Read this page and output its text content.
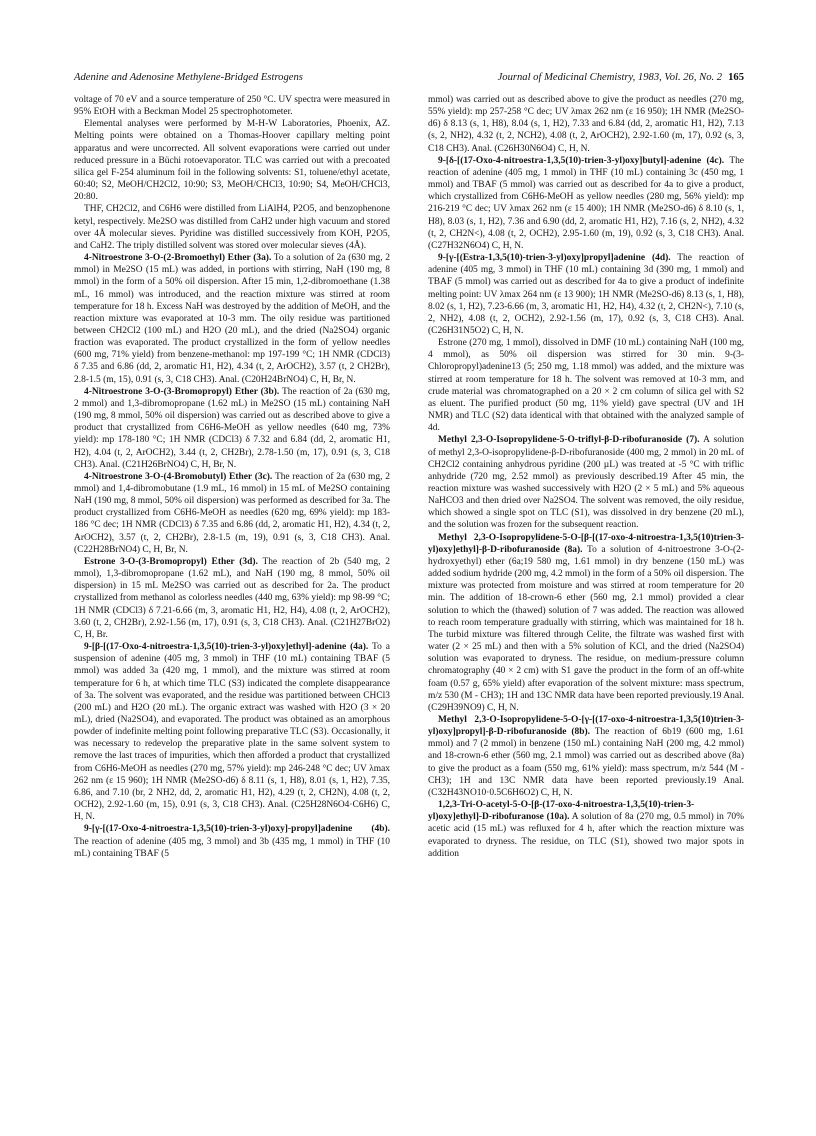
Adenine and Adenosine Methylene-Bridged Estrogens	Journal of Medicinal Chemistry, 1983, Vol. 26, No. 2 165

voltage of 70 eV and a source temperature of 250 °C. UV spectra were measured in 95% EtOH with a Beckman Model 25 spectrophotometer.

Elemental analyses were performed by M-H-W Laboratories, Phoenix, AZ. Melting points were obtained on a Thomas-Hoover capillary melting point apparatus and were uncorrected. All solvent evaporations were carried out under reduced pressure in a Büchi rotoevaporator. TLC was carried out with a precoated silica gel F-254 aluminum foil in the following solvents: S1, toluene/ethyl acetate, 60:40; S2, MeOH/CH2Cl2, 10:90; S3, MeOH/CHCl3, 10:90; S4, MeOH/CHCl3, 20:80.

THF, CH2Cl2, and C6H6 were distilled from LiAlH4, P2O5, and benzophenone ketyl, respectively. Me2SO was distilled from CaH2 under high vacuum and stored over 4Å molecular sieves. Pyridine was distilled successively from KOH, P2O5, and CaH2. The triply distilled solvent was stored over molecular sieves (4Å).

4-Nitroestrone 3-O-(2-Bromoethyl) Ether (3a). To a solution of 2a (630 mg, 2 mmol) in Me2SO (15 mL) was added, in portions with stirring, NaH (190 mg, 8 mmol) in the form of a 50% oil dispersion. After 15 min, 1,2-dibromoethane (1.38 mL, 16 mmol) was introduced, and the reaction mixture was stirred at room temperature for 18 h. Excess NaH was destroyed by the addition of MeOH, and the reaction mixture was evaporated at 10-3 mm. The oily residue was partitioned between CH2Cl2 (100 mL) and H2O (20 mL), and the dried (Na2SO4) organic fraction was evaporated. The product crystallized in the form of yellow needles (600 mg, 71% yield) from benzene-methanol: mp 197-199 °C; 1H NMR (CDCl3) δ 7.35 and 6.86 (dd, 2, aromatic H1, H2), 4.34 (t, 2, ArOCH2), 3.57 (t, 2 CH2Br), 2.8-1.5 (m, 15), 0.91 (s, 3, C18 CH3). Anal. (C20H24BrNO4) C, H, Br, N.

4-Nitroestrone 3-O-(3-Bromopropyl) Ether (3b). The reaction of 2a (630 mg, 2 mmol) and 1,3-dibromopropane (1.62 mL) in Me2SO (15 mL) containing NaH (190 mg, 8 mmol, 50% oil dispersion) was carried out as described above to give a product that crystallized from C6H6-MeOH as yellow needles (640 mg, 73% yield): mp 178-180 °C; 1H NMR (CDCl3) δ 7.32 and 6.84 (dd, 2, aromatic H1, H2), 4.04 (t, 2, ArOCH2), 3.44 (t, 2, CH2Br), 2.78-1.50 (m, 17), 0.91 (s, 3, C18 CH3). Anal. (C21H26BrNO4) C, H, Br, N.

4-Nitroestrone 3-O-(4-Bromobutyl) Ether (3c). The reaction of 2a (630 mg, 2 mmol) and 1,4-dibromobutane (1.9 mL, 16 mmol) in 15 mL of Me2SO containing NaH (190 mg, 8 mmol, 50% oil dispersion) was performed as described for 3a. The product crystallized from C6H6-MeOH as needles (620 mg, 69% yield): mp 183-186 °C dec; 1H NMR (CDCl3) δ 7.35 and 6.86 (dd, 2, aromatic H1, H2), 4.34 (t, 2, ArOCH2), 3.57 (t, 2, CH2Br), 2.8-1.5 (m, 19), 0.91 (s, 3, C18 CH3). Anal. (C22H28BrNO4) C, H, Br, N.

Estrone 3-O-(3-Bromopropyl) Ether (3d). The reaction of 2b (540 mg, 2 mmol), 1,3-dibromopropane (1.62 mL), and NaH (190 mg, 8 mmol, 50% oil dispersion) in 15 mL Me2SO was carried out as described for 2a. The product crystallized from methanol as colorless needles (440 mg, 63% yield): mp 98-99 °C; 1H NMR (CDCl3) δ 7.21-6.66 (m, 3, aromatic H1, H2, H4), 4.08 (t, 2, ArOCH2), 3.60 (t, 2, CH2Br), 2.92-1.56 (m, 17), 0.91 (s, 3, C18 CH3). Anal. (C21H27BrO2) C, H, Br.

9-[β-[(17-Oxo-4-nitroestra-1,3,5(10)-trien-3-yl)oxy]ethyl]-adenine (4a). To a suspension of adenine (405 mg, 3 mmol) in THF (10 mL) containing TBAF (5 mmol) was added 3a (420 mg, 1 mmol), and the mixture was stirred at room temperature for 6 h, at which time TLC (S3) indicated the complete disappearance of 3a. The solvent was evaporated, and the residue was partitioned between CHCl3 (200 mL) and H2O (20 mL). The organic extract was washed with H2O (3 × 20 mL), dried (Na2SO4), and evaporated. The product was obtained as an amorphous powder of indefinite melting point following preparative TLC (S3). Occasionally, it was necessary to redevelop the preparative plate in the same solvent system to remove the last traces of impurities, which then afforded a product that crystallized from C6H6-MeOH as needles (270 mg, 57% yield): mp 246-248 °C dec; UV λmax 262 nm (ε 15 960); 1H NMR (Me2SO-d6) δ 8.11 (s, 1, H8), 8.01 (s, 1, H2), 7.35, 6.86, and 7.10 (br, 2 NH2, dd, 2, aromatic H1, H2), 4.29 (t, 2, CH2N), 4.08 (t, 2, OCH2), 2.92-1.60 (m, 15), 0.91 (s, 3, C18 CH3). Anal. (C25H28N6O4·C6H6) C, H, N.

9-[γ-[(17-Oxo-4-nitroestra-1,3,5(10)-trien-3-yl)oxy]-propyl]adenine (4b). The reaction of adenine (405 mg, 3 mmol) and 3b (435 mg, 1 mmol) in THF (10 mL) containing TBAF (5

mmol) was carried out as described above to give the product as needles (270 mg, 55% yield): mp 257-258 °C dec; UV λmax 262 nm (ε 16 950); 1H NMR (Me2SO-d6) δ 8.13 (s, 1, H8), 8.04 (s, 1, H2), 7.33 and 6.84 (dd, 2, aromatic H1, H2), 7.13 (s, 2, NH2), 4.32 (t, 2, NCH2), 4.08 (t, 2, ArOCH2), 2.92-1.60 (m, 17), 0.92 (s, 3, C18 CH3). Anal. (C26H30N6O4) C, H, N.

9-[δ-[(17-Oxo-4-nitroestra-1,3,5(10)-trien-3-yl)oxy]butyl]-adenine (4c). The reaction of adenine (405 mg, 1 mmol) in THF (10 mL) containing 3c (450 mg, 1 mmol) and TBAF (5 mmol) was carried out as described for 4a to give a product, which crystallized from C6H6-MeOH as yellow needles (280 mg, 56% yield): mp 216-219 °C dec; UV λmax 262 nm (ε 15 400); 1H NMR (Me2SO-d6) δ 8.10 (s, 1, H8), 8.03 (s, 1, H2), 7.36 and 6.90 (dd, 2, aromatic H1, H2), 7.16 (s, 2, NH2), 4.32 (t, 2, CH2N<), 4.08 (t, 2, OCH2), 2.95-1.60 (m, 19), 0.92 (s, 3, C18 CH3). Anal. (C27H32N6O4) C, H, N.

9-[γ-[(Estra-1,3,5(10)-trien-3-yl)oxy]propyl]adenine (4d). The reaction of adenine (405 mg, 3 mmol) in THF (10 mL) containing 3d (390 mg, 1 mmol) and TBAF (5 mmol) was carried out as described for 4a to give a product of indefinite melting point: UV λmax 264 nm (ε 13 900); 1H NMR (Me2SO-d6) 8.13 (s, 1, H8), 8.02 (s, 1, H2), 7.23-6.66 (m, 3, aromatic H1, H2, H4), 4.32 (t, 2, CH2N<), 7.10 (s, 2, NH2), 4.08 (t, 2, OCH2), 2.92-1.56 (m, 17), 0.92 (s, 3, C18 CH3). Anal. (C26H31N5O2) C, H, N.

Estrone (270 mg, 1 mmol), dissolved in DMF (10 mL) containing NaH (100 mg, 4 mmol), as 50% oil dispersion was stirred for 30 min. 9-(3-Chloropropyl)adenine13 (5; 250 mg, 1.18 mmol) was added, and the mixture was stirred at room temperature for 18 h. The solvent was removed at 10-3 mm, and crude material was chromatographed on a 20 × 2 cm column of silica gel with S2 as eluent. The purified product (50 mg, 11% yield) gave spectral (UV and 1H NMR) and TLC (S2) data identical with that obtained with the analyzed sample of 4d.

Methyl 2,3-O-Isopropylidene-5-O-triflyl-β-D-ribofuranoside (7). A solution of methyl 2,3-O-isopropylidene-β-D-ribofuranoside (400 mg, 2 mmol) in 20 mL of CH2Cl2 containing anhydrous pyridine (200 µL) was treated at -5 °C with triflic anhydride (720 mg, 2.52 mmol) as previously described.19 After 45 min, the reaction mixture was washed successively with H2O (2 × 5 mL) and 5% aqueous NaHCO3 and then dried over Na2SO4. The solvent was removed, the oily residue, which showed a single spot on TLC (S1), was dissolved in dry benzene (20 mL), and the solution was frozen for the subsequent reaction.

Methyl 2,3-O-Isopropylidene-5-O-[β-[(17-oxo-4-nitroestra-1,3,5(10)trien-3-yl)oxy]ethyl]-β-D-ribofuranoside (8a). To a solution of 4-nitroestrone 3-O-(2-hydroxyethyl) ether (6a;19 580 mg, 1.61 mmol) in dry benzene (150 mL) was added sodium hydride (200 mg, 4.2 mmol) in the form of a 50% oil dispersion. The mixture was protected from moisture and was stirred at room temperature for 20 min. The addition of 18-crown-6 ether (560 mg, 2.1 mmol) provided a clear solution to which the (thawed) solution of 7 was added. The reaction was allowed to reach room temperature gradually with stirring, which was maintained for 18 h. The turbid mixture was filtered through Celite, the filtrate was washed first with water (2 × 25 mL) and then with a 5% solution of KCl, and the dried (Na2SO4) solution was evaporated to dryness. The residue, on medium-pressure column chromatography (40 × 2 cm) with S1 gave the product in the form of an off-white foam (0.57 g, 65% yield) after evaporation of the solvent mixture: mass spectrum, m/z 530 (M - CH3); 1H and 13C NMR data have been reported previously.19 Anal. (C29H39NO9) C, H, N.

Methyl 2,3-O-Isopropylidene-5-O-[γ-[(17-oxo-4-nitroestra-1,3,5(10)trien-3-yl)oxy]propyl]-β-D-ribofuranoside (8b). The reaction of 6b19 (600 mg, 1.61 mmol) and 7 (2 mmol) in benzene (150 mL) containing NaH (200 mg, 4.2 mmol) and 18-crown-6 ether (560 mg, 2.1 mmol) was carried out as described above (8a) to give the product as a foam (550 mg, 61% yield): mass spectrum, m/z 544 (M - CH3); 1H and 13C NMR data have been reported previously.19 Anal. (C32H43NO10·0.5C6H6O2) C, H, N.

1,2,3-Tri-O-acetyl-5-O-[β-(17-oxo-4-nitroestra-1,3,5(10)-trien-3-yl)oxy]ethyl]-D-ribofuranose (10a). A solution of 8a (270 mg, 0.5 mmol) in 70% acetic acid (15 mL) was refluxed for 4 h, after which the reaction mixture was evaporated to dryness. The residue, on TLC (S1), showed two major spots in addition
